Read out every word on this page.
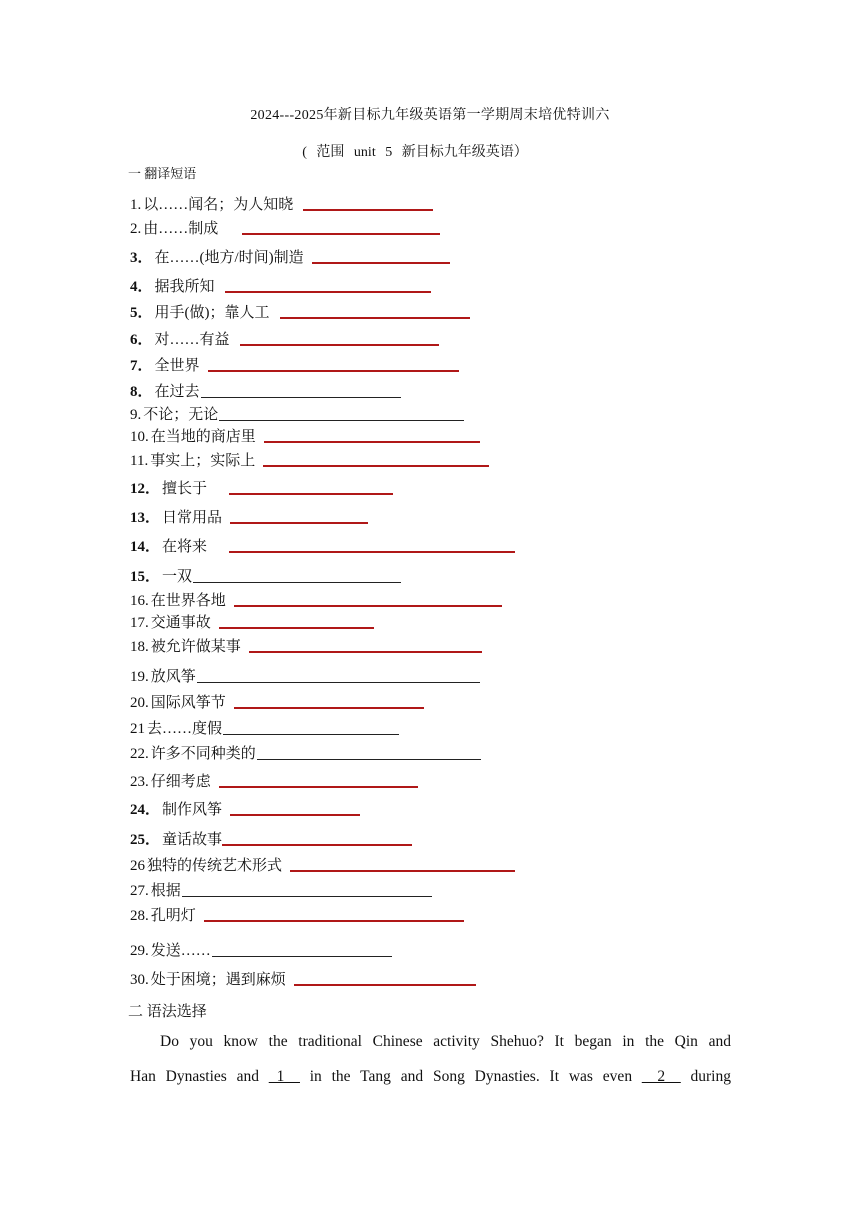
2024---2025年新目标九年级英语第一学期周末培优特训六
( 范围 unit 5 新目标九年级英语）
一 翻译短语
1. 以……闻名；为人知晓
2. 由……制成
3． 在……(地方/时间)制造
4． 据我所知
5． 用手(做)；靠人工
6． 对……有益
7． 全世界
8． 在过去
9. 不论；无论
10. 在当地的商店里
11. 事实上；实际上
12． 擅长于
13． 日常用品
14． 在将来
15． 一双
16. 在世界各地
17. 交通事故
18. 被允许做某事
19. 放风筝
20. 国际风筝节
21 去……度假
22. 许多不同种类的
23. 仔细考虑
24． 制作风筝
25． 童话故事
26 独特的传统艺术形式
27. 根据
28. 孔明灯
29. 发送……
30. 处于困境；遇到麻烦
二 语法选择
Do you know the traditional Chinese activity Shehuo? It began in the Qin and
Han Dynasties and _1__ in the Tang and Song Dynasties. It was even __2__ during
